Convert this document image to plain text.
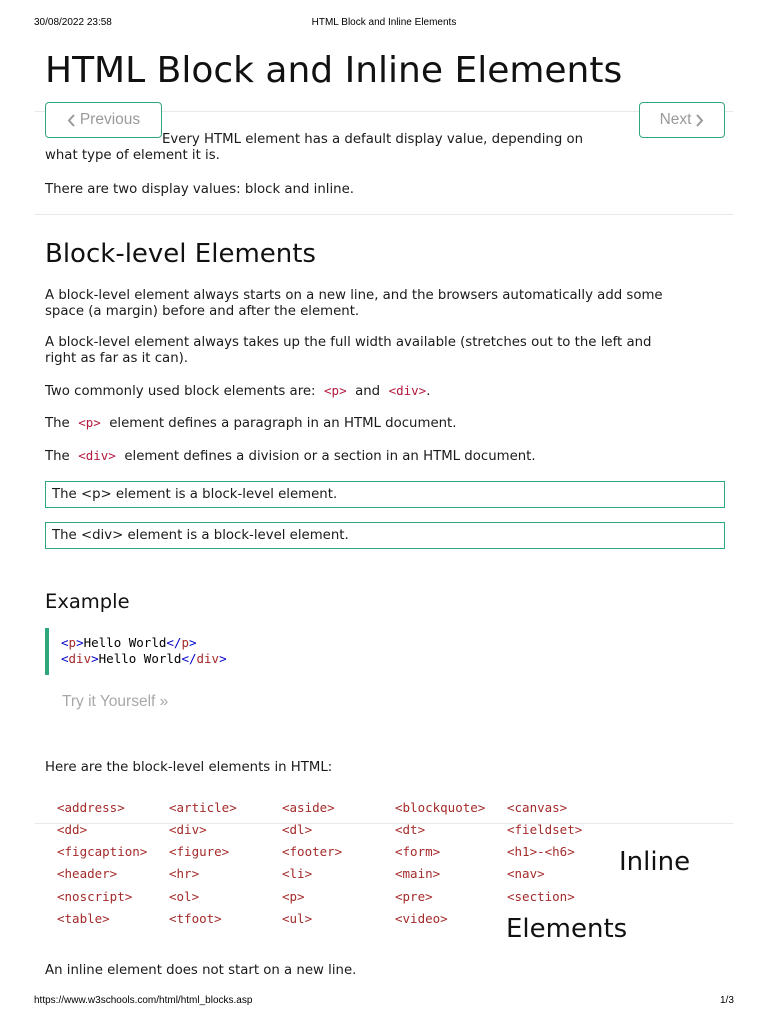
30/08/2022 23:58	HTML Block and Inline Elements
HTML Block and Inline Elements
Previous	Next
Every HTML element has a default display value, depending on
what type of element it is.
There are two display values: block and inline.
Block-level Elements
A block-level element always starts on a new line, and the browsers automatically add some
space (a margin) before and after the element.
A block-level element always takes up the full width available (stretches out to the left and
right as far as it can).
Two commonly used block elements are: <p> and <div>.
The <p> element defines a paragraph in an HTML document.
The <div> element defines a division or a section in an HTML document.
The <p> element is a block-level element.
The <div> element is a block-level element.
Example
<p>Hello World</p>
<div>Hello World</div>
Try it Yourself »
Here are the block-level elements in HTML:
<address>	<article>	<aside>	<blockquote> <canvas>
<dd>	<div>	<dl>	<dt>	<fieldset>
<figcaption> <figure>	<footer>	<form>	<h1>-<h6>
<header>	<hr>	<li>	<main>	<nav>
<noscript>	<ol>	<p>	<pre>	<section>
<table>	<tfoot>	<ul>	<video>
Inline
Elements
An inline element does not start on a new line.
https://www.w3schools.com/html/html_blocks.asp	1/3
